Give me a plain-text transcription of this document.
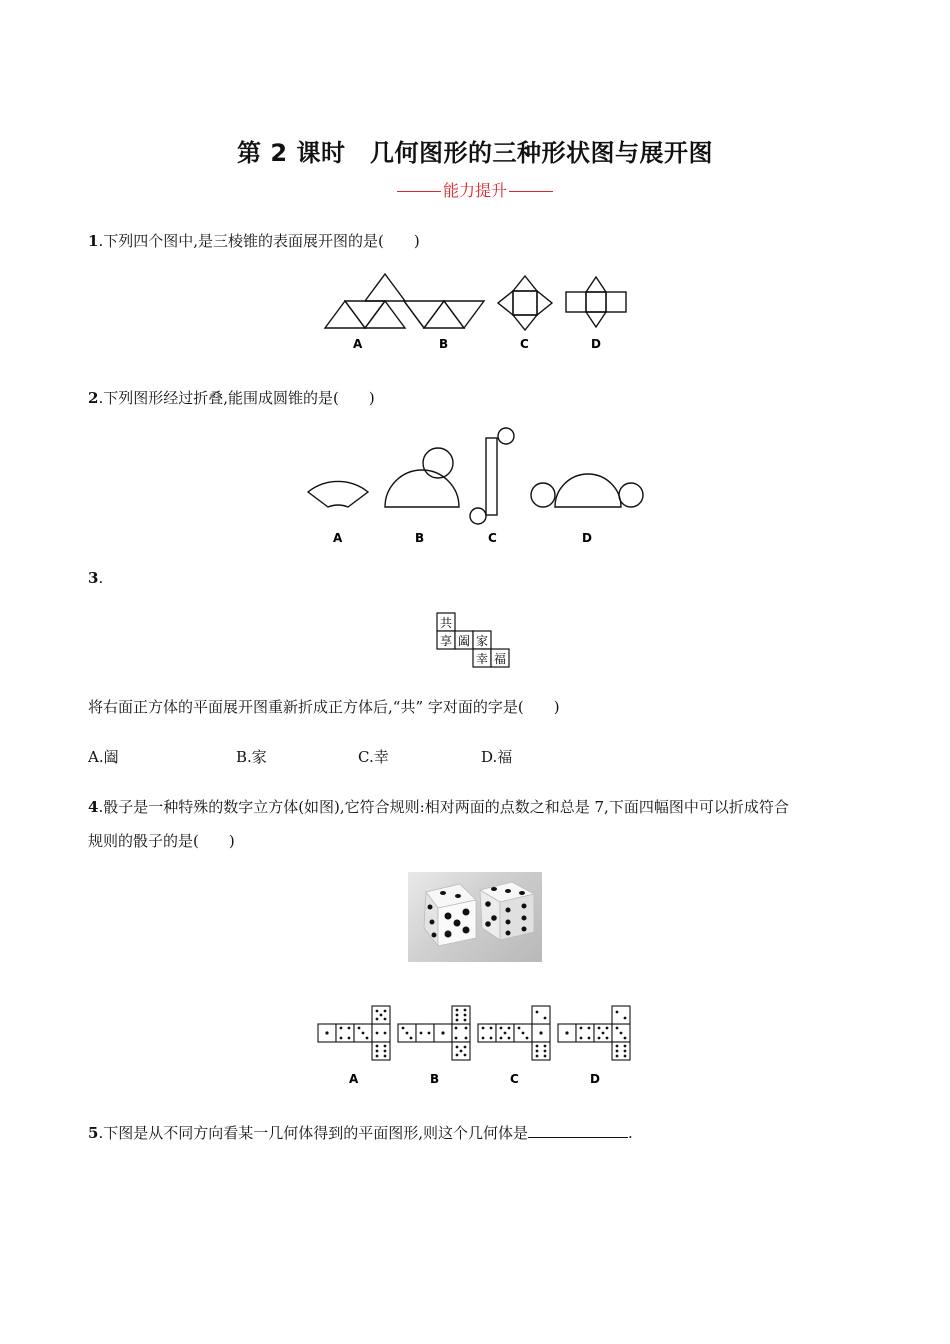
第 2 课时　几何图形的三种形状图与展开图
能力提升
1.下列四个图中,是三棱锥的表面展开图的是( )
A	B	C	D
2.下列图形经过折叠,能围成圆锥的是( )
A	B	C	D
3.
共
享 阖 家
幸 福
将右面正方体的平面展开图重新折成正方体后,“共” 字对面的字是( )
A.阖	B.家	C.幸	D.福
4.骰子是一种特殊的数字立方体(如图),它符合规则:相对两面的点数之和总是 7,下面四幅图中可以折成符合
规则的骰子的是( )
A	B	C	D
5.下图是从不同方向看某一几何体得到的平面图形,则这个几何体是	.
